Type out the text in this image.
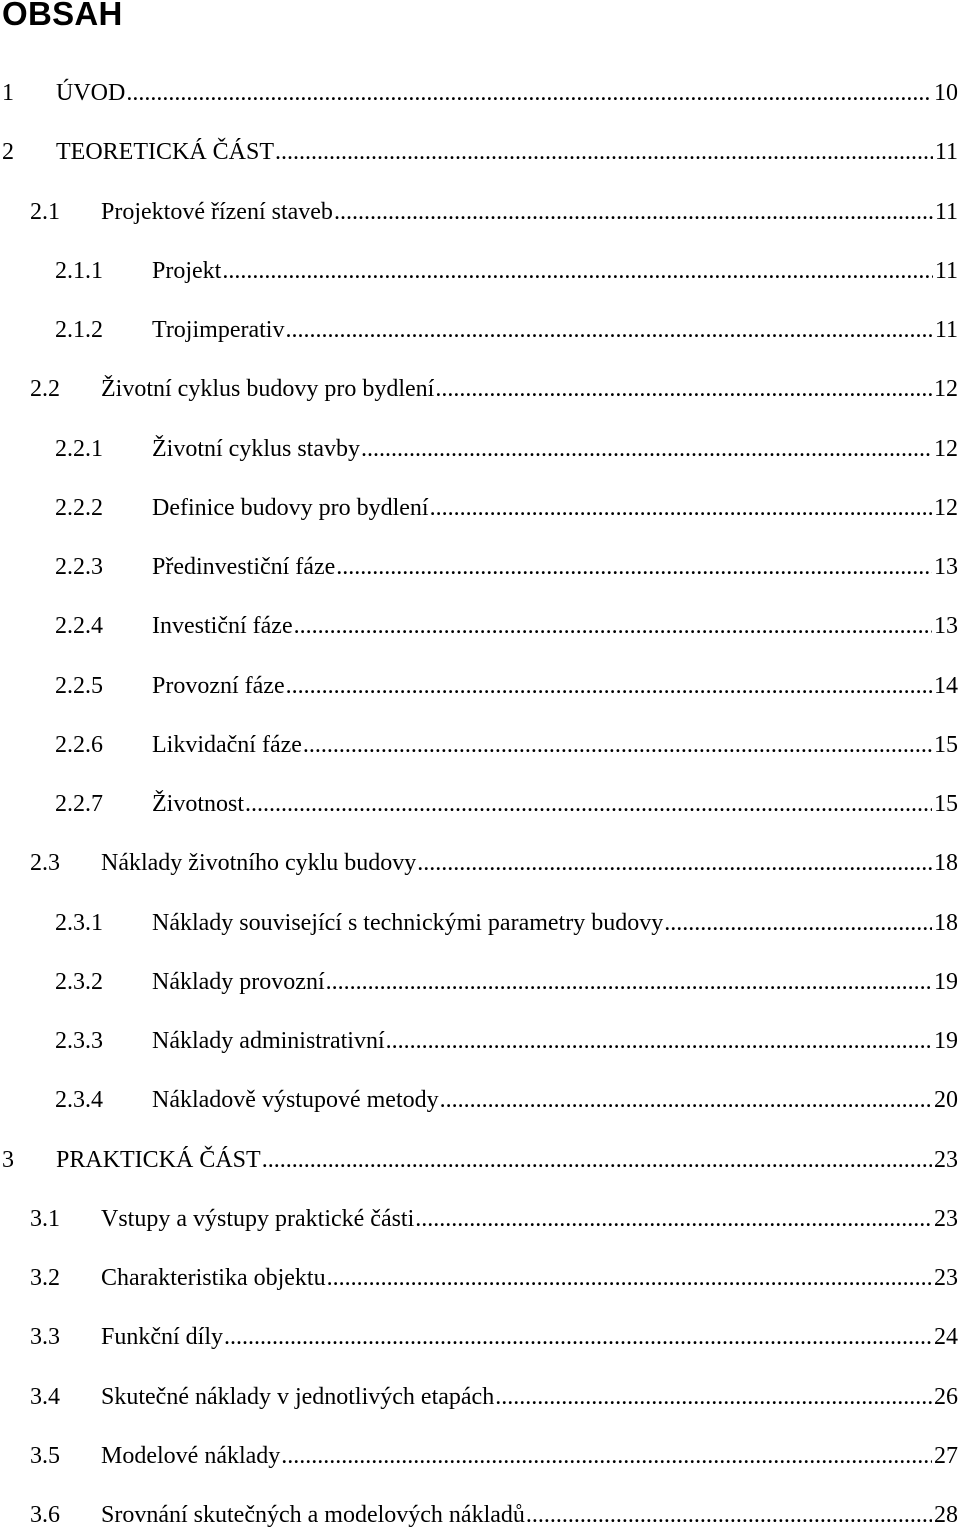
OBSAH
1	ÚVOD .....	10
2	TEORETICKÁ ČÁST .....	11
2.1	Projektové řízení staveb .....	11
2.1.1	Projekt .....	11
2.1.2	Trojimperativ .....	11
2.2	Životní cyklus budovy pro bydlení .....	12
2.2.1	Životní cyklus stavby .....	12
2.2.2	Definice budovy pro bydlení .....	12
2.2.3	Předinvestiční fáze .....	13
2.2.4	Investiční fáze .....	13
2.2.5	Provozní fáze .....	14
2.2.6	Likvidační fáze .....	15
2.2.7	Životnost .....	15
2.3	Náklady životního cyklu budovy .....	18
2.3.1	Náklady související s technickými parametry budovy .....	18
2.3.2	Náklady provozní .....	19
2.3.3	Náklady administrativní .....	19
2.3.4	Nákladově výstupové metody .....	20
3	PRAKTICKÁ ČÁST .....	23
3.1	Vstupy a výstupy praktické části .....	23
3.2	Charakteristika objektu .....	23
3.3	Funkční díly .....	24
3.4	Skutečné náklady v jednotlivých etapách .....	26
3.5	Modelové náklady .....	27
3.6	Srovnání skutečných a modelových nákladů .....	28
